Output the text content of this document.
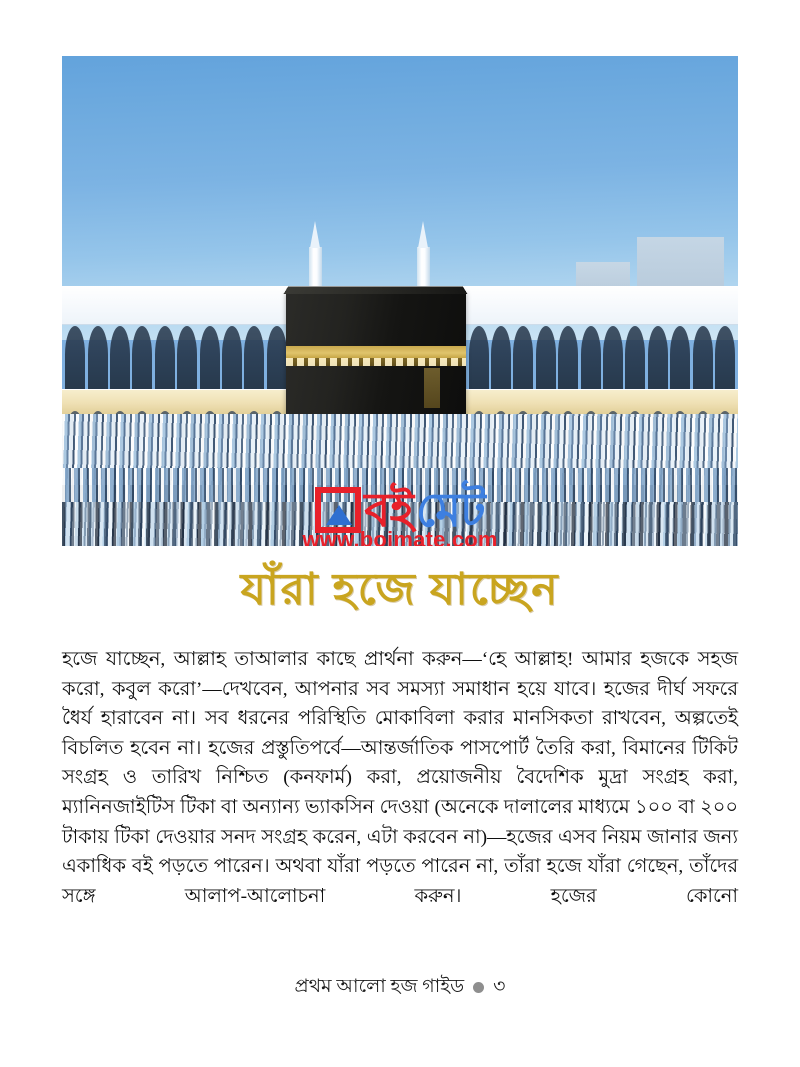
বই মেট
www.boimate.com
যাঁরা হজে যাচ্ছেন

হজে যাচ্ছেন, আল্লাহ তাআলার কাছে প্রার্থনা করুন—‘হে আল্লাহ! আমার হজকে সহজ করো, কবুল করো’—দেখবেন, আপনার সব সমস্যা সমাধান হয়ে যাবে। হজের দীর্ঘ সফরে ধৈর্য হারাবেন না। সব ধরনের পরিস্থিতি মোকাবিলা করার মানসিকতা রাখবেন, অল্পতেই বিচলিত হবেন না। হজের প্রস্তুতিপর্বে—আন্তর্জাতিক পাসপোর্ট তৈরি করা, বিমানের টিকিট সংগ্রহ ও তারিখ নিশ্চিত (কনফার্ম) করা, প্রয়োজনীয় বৈদেশিক মুদ্রা সংগ্রহ করা, ম্যানিনজাইটিস টিকা বা অন্যান্য ভ্যাকসিন দেওয়া (অনেকে দালালের মাধ্যমে ১০০ বা ২০০ টাকায় টিকা দেওয়ার সনদ সংগ্রহ করেন, এটা করবেন না)—হজের এসব নিয়ম জানার জন্য একাধিক বই পড়তে পারেন। অথবা যাঁরা পড়তে পারেন না, তাঁরা হজে যাঁরা গেছেন, তাঁদের সঙ্গে আলাপ-আলোচনা করুন। হজের কোনো

প্রথম আলো হজ গাইড ৩
